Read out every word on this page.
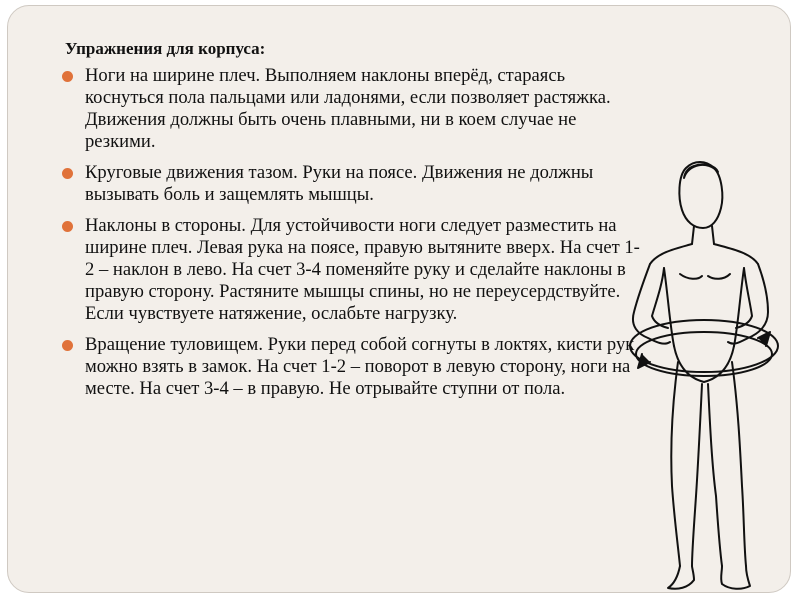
Упражнения для корпуса:
Ноги на ширине плеч. Выполняем наклоны вперёд, стараясь коснуться пола пальцами или ладонями, если позволяет растяжка. Движения должны быть очень плавными, ни в коем случае не резкими.
Круговые движения тазом. Руки на поясе. Движения не должны вызывать боль и защемлять мышцы.
Наклоны в стороны. Для устойчивости ноги следует разместить на ширине плеч. Левая рука на поясе, правую вытяните вверх. На счет 1-2 – наклон в лево. На счет 3-4 поменяйте руку и сделайте наклоны в правую сторону. Растяните мышцы спины, но не переусердствуйте. Если чувствуете натяжение, ослабьте нагрузку.
Вращение туловищем. Руки перед собой согнуты в локтях, кисти рук можно взять в замок. На счет 1-2 – поворот в левую сторону, ноги на месте. На счет 3-4 – в правую. Не отрывайте ступни от пола.
